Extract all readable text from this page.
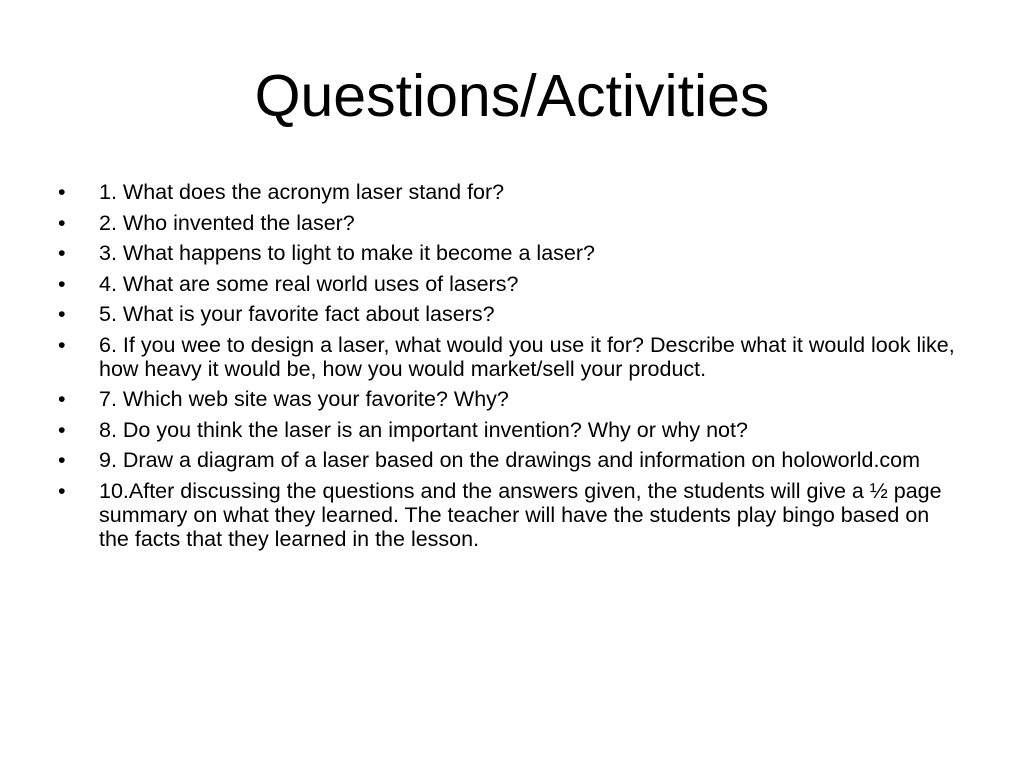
Questions/Activities
•	1. What does the acronym laser stand for?
•	2. Who invented the laser?
•	3. What happens to light to make it become a laser?
•	4. What are some real world uses of lasers?
•	5. What is your favorite fact about lasers?
•	6. If you wee to design a laser, what would you use it for? Describe what it would look like, how heavy it would be, how you would market/sell your product.
•	7. Which web site was your favorite? Why?
•	8. Do you think the laser is an important invention? Why or why not?
•	9. Draw a diagram of a laser based on the drawings and information on holoworld.com
•	10.After discussing the questions and the answers given, the students will give a ½ page summary on what they learned. The teacher will have the students play bingo based on the facts that they learned in the lesson.
